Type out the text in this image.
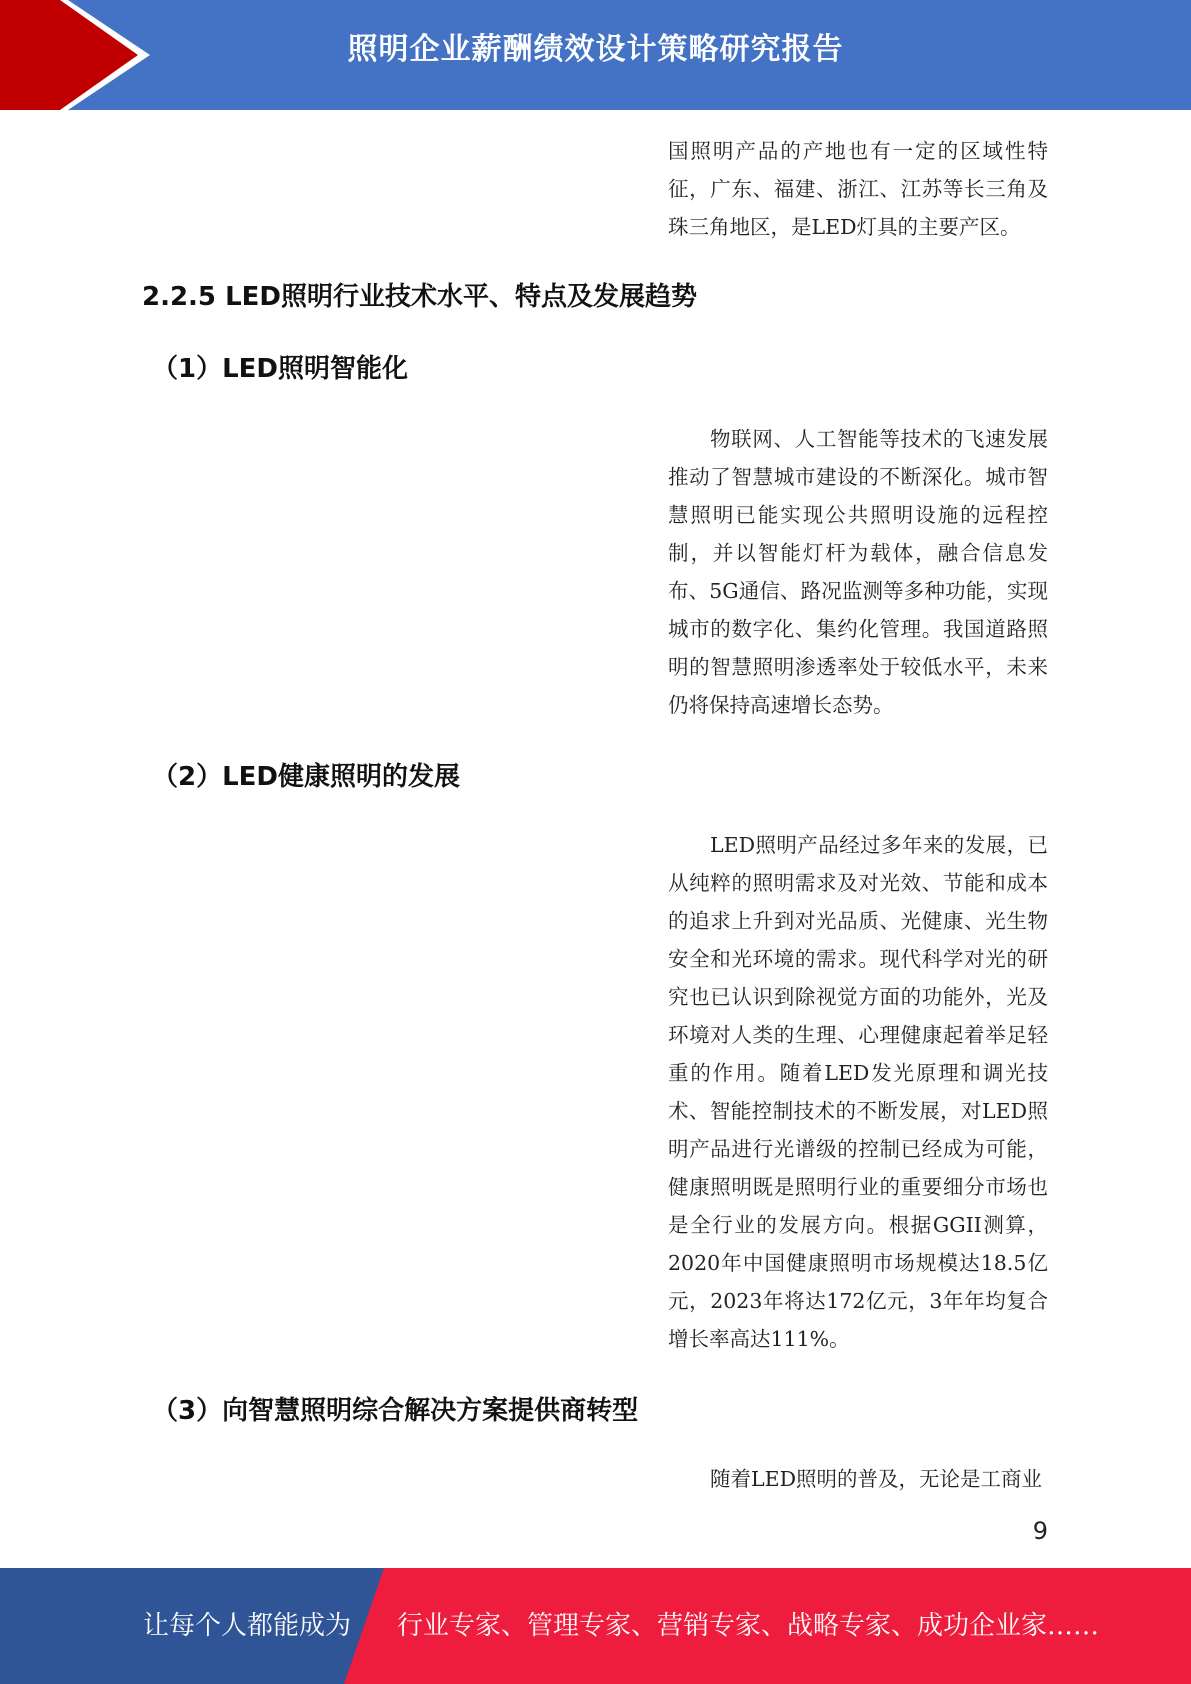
照明企业薪酬绩效设计策略研究报告
国照明产品的产地也有一定的区域性特征，广东、福建、浙江、江苏等长三角及珠三角地区，是LED灯具的主要产区。
2.2.5 LED照明行业技术水平、特点及发展趋势
（1）LED照明智能化
物联网、人工智能等技术的飞速发展推动了智慧城市建设的不断深化。城市智慧照明已能实现公共照明设施的远程控制，并以智能灯杆为载体，融合信息发布、5G通信、路况监测等多种功能，实现城市的数字化、集约化管理。我国道路照明的智慧照明渗透率处于较低水平，未来仍将保持高速增长态势。
（2）LED健康照明的发展
LED照明产品经过多年来的发展，已从纯粹的照明需求及对光效、节能和成本的追求上升到对光品质、光健康、光生物安全和光环境的需求。现代科学对光的研究也已认识到除视觉方面的功能外，光及环境对人类的生理、心理健康起着举足轻重的作用。随着LED发光原理和调光技术、智能控制技术的不断发展，对LED照明产品进行光谱级的控制已经成为可能，健康照明既是照明行业的重要细分市场也是全行业的发展方向。根据GGII测算，2020年中国健康照明市场规模达18.5亿元，2023年将达172亿元，3年年均复合增长率高达111%。
（3）向智慧照明综合解决方案提供商转型
随着LED照明的普及，无论是工商业
9
让每个人都能成为 行业专家、管理专家、营销专家、战略专家、成功企业家……
